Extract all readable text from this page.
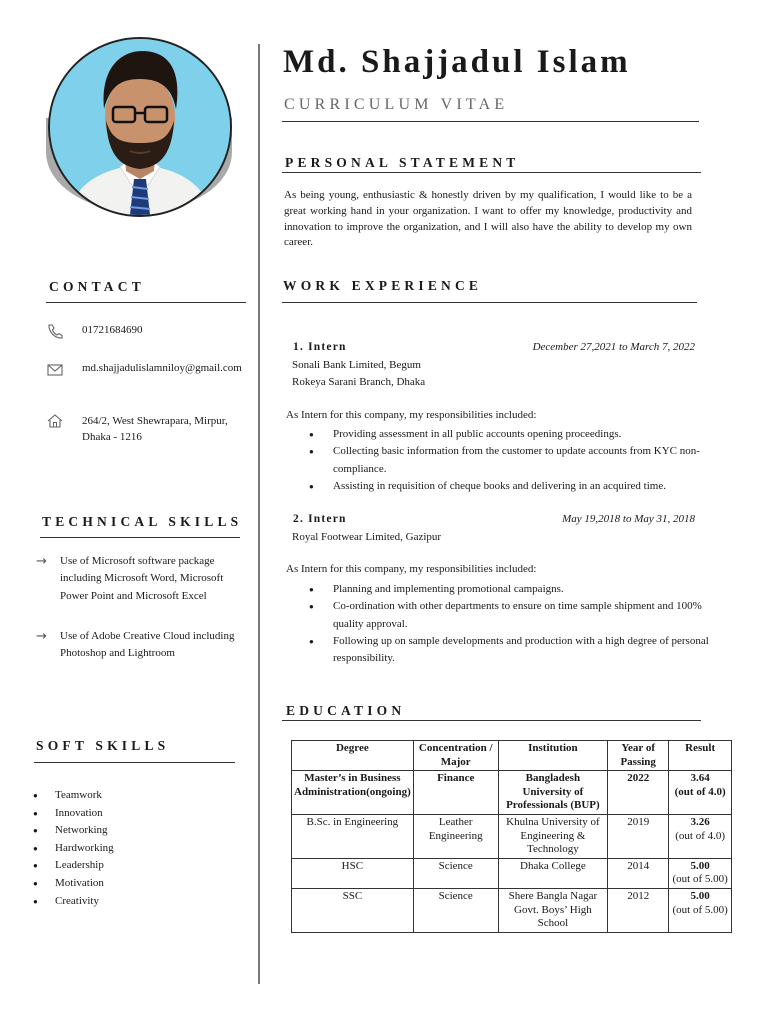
Md. Shajjadul Islam
CURRICULUM VITAE
PERSONAL STATEMENT
As being young, enthusiastic & honestly driven by my qualification, I would like to be a great working hand in your organization. I want to offer my knowledge, productivity and innovation to improve the organization, and I will also have the ability to develop my own career.
WORK EXPERIENCE
1. Intern	December 27,2021 to March 7, 2022
Sonali Bank Limited, Begum
Rokeya Sarani Branch, Dhaka
As Intern for this company, my responsibilities included:
● Providing assessment in all public accounts opening proceedings.
● Collecting basic information from the customer to update accounts from KYC non-compliance.
● Assisting in requisition of cheque books and delivering in an acquired time.
2. Intern	May 19,2018 to May 31, 2018
Royal Footwear Limited, Gazipur
As Intern for this company, my responsibilities included:
● Planning and implementing promotional campaigns.
● Co-ordination with other departments to ensure on time sample shipment and 100% quality approval.
● Following up on sample developments and production with a high degree of personal responsibility.
EDUCATION
Degree	Concentration / Major	Institution	Year of Passing	Result
Master’s in Business Administration(ongoing)	Finance	Bangladesh University of Professionals (BUP)	2022	3.64
(out of 4.0)

B.Sc. in Engineering	Leather Engineering	Khulna University of Engineering & Technology	2019	3.26
(out of 4.0)

HSC	Science	Dhaka College	2014	5.00
(out of 5.00)

SSC	Science	Shere Bangla Nagar Govt. Boys’ High School	2012	5.00
(out of 5.00)
CONTACT
01721684690
md.shajjadulislamniloy@gmail.com
264/2, West Shewrapara, Mirpur, Dhaka - 1216
TECHNICAL SKILLS
→ Use of Microsoft software package including Microsoft Word, Microsoft Power Point and Microsoft Excel
→ Use of Adobe Creative Cloud including Photoshop and Lightroom
SOFT SKILLS
● Teamwork
● Innovation
● Networking
● Hardworking
● Leadership
● Motivation
● Creativity
